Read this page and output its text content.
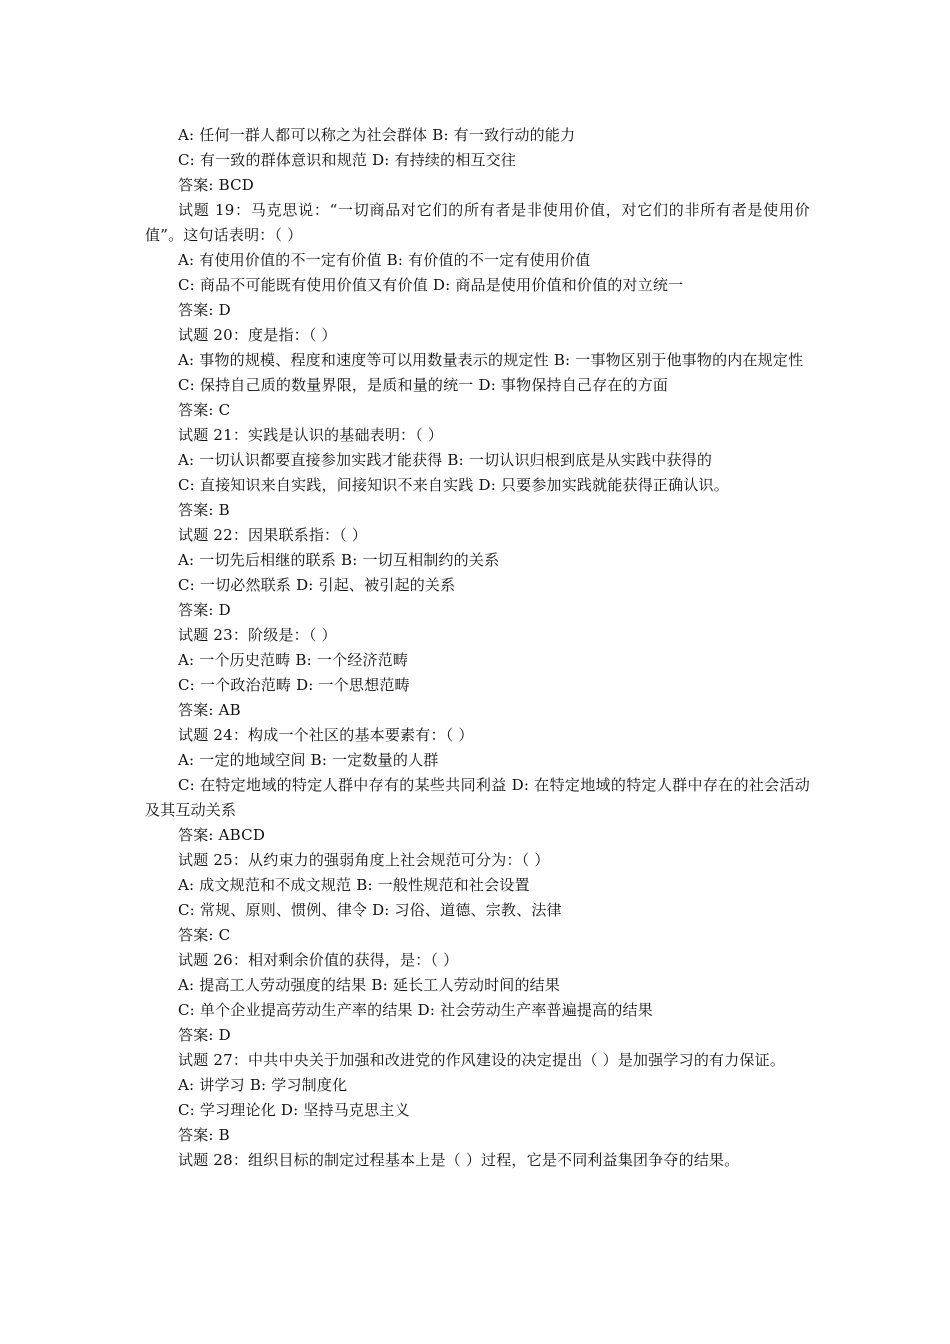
A: 任何一群人都可以称之为社会群体 B: 有一致行动的能力
C: 有一致的群体意识和规范 D: 有持续的相互交往
答案: BCD
试题 19：马克思说：“一切商品对它们的所有者是非使用价值，对它们的非所有者是使用价值”。这句话表明：（ ）
A: 有使用价值的不一定有价值 B: 有价值的不一定有使用价值
C: 商品不可能既有使用价值又有价值 D: 商品是使用价值和价值的对立统一
答案: D
试题 20：度是指：（ ）
A: 事物的规模、程度和速度等可以用数量表示的规定性 B: 一事物区别于他事物的内在规定性
C: 保持自己质的数量界限，是质和量的统一 D: 事物保持自己存在的方面
答案: C
试题 21：实践是认识的基础表明：（ ）
A: 一切认识都要直接参加实践才能获得 B: 一切认识归根到底是从实践中获得的
C: 直接知识来自实践，间接知识不来自实践 D: 只要参加实践就能获得正确认识。
答案: B
试题 22：因果联系指：（ ）
A: 一切先后相继的联系 B: 一切互相制约的关系
C: 一切必然联系 D: 引起、被引起的关系
答案: D
试题 23：阶级是：（ ）
A: 一个历史范畴 B: 一个经济范畴
C: 一个政治范畴 D: 一个思想范畴
答案: AB
试题 24：构成一个社区的基本要素有：（ ）
A: 一定的地域空间 B: 一定数量的人群
C: 在特定地域的特定人群中存有的某些共同利益 D: 在特定地域的特定人群中存在的社会活动及其互动关系
答案: ABCD
试题 25：从约束力的强弱角度上社会规范可分为：（ ）
A: 成文规范和不成文规范 B: 一般性规范和社会设置
C: 常规、原则、惯例、律令 D: 习俗、道德、宗教、法律
答案: C
试题 26：相对剩余价值的获得，是：（ ）
A: 提高工人劳动强度的结果 B: 延长工人劳动时间的结果
C: 单个企业提高劳动生产率的结果 D: 社会劳动生产率普遍提高的结果
答案: D
试题 27：中共中央关于加强和改进党的作风建设的决定提出（ ）是加强学习的有力保证。
A: 讲学习 B: 学习制度化
C: 学习理论化 D: 坚持马克思主义
答案: B
试题 28：组织目标的制定过程基本上是（ ）过程，它是不同利益集团争夺的结果。
